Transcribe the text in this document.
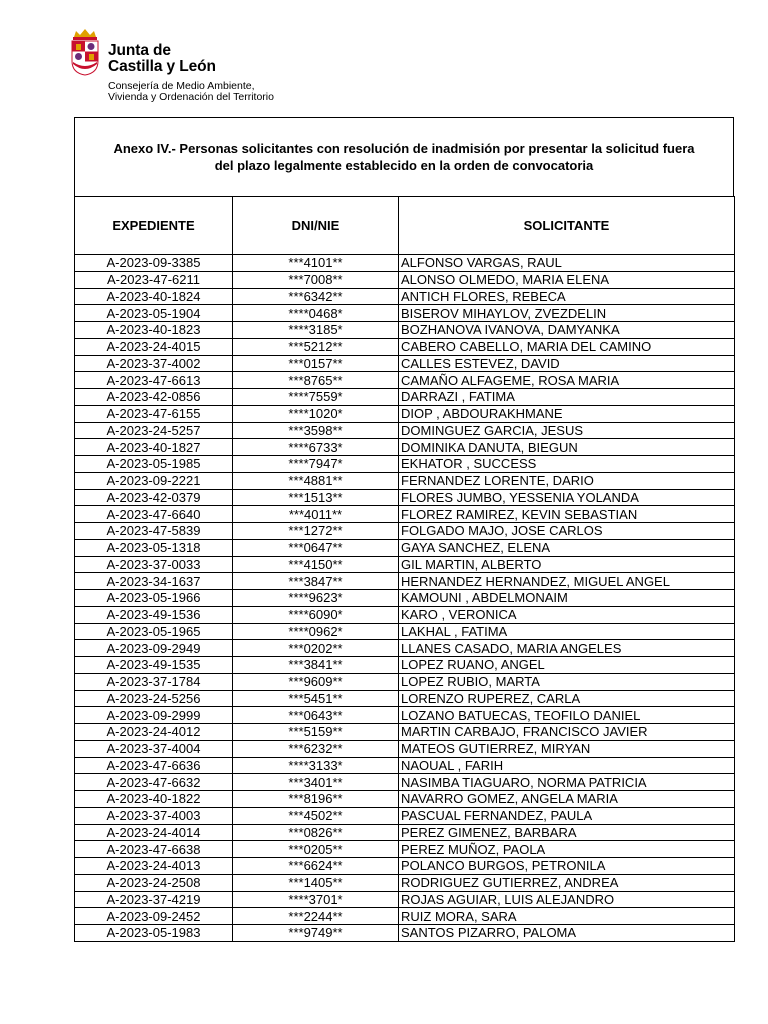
Junta de
Castilla y León
Consejería de Medio Ambiente,
Vivienda y Ordenación del Territorio
Anexo IV.- Personas solicitantes con resolución de inadmisión por presentar la solicitud fuera
del plazo legalmente establecido en la orden de convocatoria
EXPEDIENTE	DNI/NIE	SOLICITANTE
A-2023-09-3385	***4101**	ALFONSO VARGAS, RAUL
A-2023-47-6211	***7008**	ALONSO OLMEDO, MARIA ELENA
A-2023-40-1824	***6342**	ANTICH FLORES, REBECA
A-2023-05-1904	****0468*	BISEROV MIHAYLOV, ZVEZDELIN
A-2023-40-1823	****3185*	BOZHANOVA IVANOVA, DAMYANKA
A-2023-24-4015	***5212**	CABERO CABELLO, MARIA DEL CAMINO
A-2023-37-4002	***0157**	CALLES ESTEVEZ, DAVID
A-2023-47-6613	***8765**	CAMAÑO ALFAGEME, ROSA MARIA
A-2023-42-0856	****7559*	DARRAZI , FATIMA
A-2023-47-6155	****1020*	DIOP , ABDOURAKHMANE
A-2023-24-5257	***3598**	DOMINGUEZ GARCIA, JESUS
A-2023-40-1827	****6733*	DOMINIKA DANUTA, BIEGUN
A-2023-05-1985	****7947*	EKHATOR , SUCCESS
A-2023-09-2221	***4881**	FERNANDEZ LORENTE, DARIO
A-2023-42-0379	***1513**	FLORES JUMBO, YESSENIA YOLANDA
A-2023-47-6640	***4011**	FLOREZ RAMIREZ, KEVIN SEBASTIAN
A-2023-47-5839	***1272**	FOLGADO MAJO, JOSE CARLOS
A-2023-05-1318	***0647**	GAYA SANCHEZ, ELENA
A-2023-37-0033	***4150**	GIL MARTIN, ALBERTO
A-2023-34-1637	***3847**	HERNANDEZ HERNANDEZ, MIGUEL ANGEL
A-2023-05-1966	****9623*	KAMOUNI , ABDELMONAIM
A-2023-49-1536	****6090*	KARO , VERONICA
A-2023-05-1965	****0962*	LAKHAL , FATIMA
A-2023-09-2949	***0202**	LLANES CASADO, MARIA ANGELES
A-2023-49-1535	***3841**	LOPEZ RUANO, ANGEL
A-2023-37-1784	***9609**	LOPEZ RUBIO, MARTA
A-2023-24-5256	***5451**	LORENZO RUPEREZ, CARLA
A-2023-09-2999	***0643**	LOZANO BATUECAS, TEOFILO DANIEL
A-2023-24-4012	***5159**	MARTIN CARBAJO, FRANCISCO JAVIER
A-2023-37-4004	***6232**	MATEOS GUTIERREZ, MIRYAN
A-2023-47-6636	****3133*	NAOUAL , FARIH
A-2023-47-6632	***3401**	NASIMBA TIAGUARO, NORMA PATRICIA
A-2023-40-1822	***8196**	NAVARRO GOMEZ, ANGELA MARIA
A-2023-37-4003	***4502**	PASCUAL FERNANDEZ, PAULA
A-2023-24-4014	***0826**	PEREZ GIMENEZ, BARBARA
A-2023-47-6638	***0205**	PEREZ MUÑOZ, PAOLA
A-2023-24-4013	***6624**	POLANCO BURGOS, PETRONILA
A-2023-24-2508	***1405**	RODRIGUEZ GUTIERREZ, ANDREA
A-2023-37-4219	****3701*	ROJAS AGUIAR, LUIS ALEJANDRO
A-2023-09-2452	***2244**	RUIZ MORA, SARA
A-2023-05-1983	***9749**	SANTOS PIZARRO, PALOMA
